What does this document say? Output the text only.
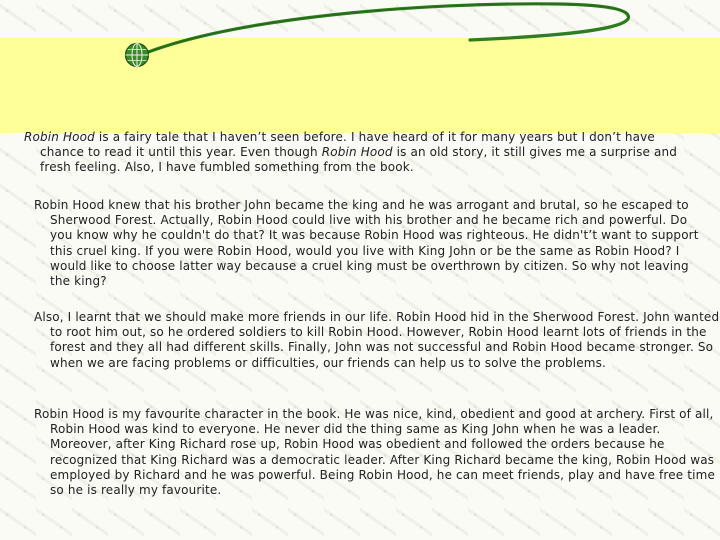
Robin Hood is a fairy tale that I haven’t seen before. I have heard of it for many years but I don’t have chance to read it until this year. Even though Robin Hood is an old story, it still gives me a surprise and fresh feeling. Also, I have fumbled something from the book.

Robin Hood knew that his brother John became the king and he was arrogant and brutal, so he escaped to Sherwood Forest. Actually, Robin Hood could live with his brother and he became rich and powerful. Do you know why he couldn't do that? It was because Robin Hood was righteous. He didn't’t want to support this cruel king. If you were Robin Hood, would you live with King John or be the same as Robin Hood? I would like to choose latter way because a cruel king must be overthrown by citizen. So why not leaving the king?

Also, I learnt that we should make more friends in our life. Robin Hood hid in the Sherwood Forest. John wanted to root him out, so he ordered soldiers to kill Robin Hood. However, Robin Hood learnt lots of friends in the forest and they all had different skills. Finally, John was not successful and Robin Hood became stronger. So when we are facing problems or difficulties, our friends can help us to solve the problems.

Robin Hood is my favourite character in the book. He was nice, kind, obedient and good at archery. First of all, Robin Hood was kind to everyone. He never did the thing same as King John when he was a leader. Moreover, after King Richard rose up, Robin Hood was obedient and followed the orders because he recognized that King Richard was a democratic leader. After King Richard became the king, Robin Hood was employed by Richard and he was powerful. Being Robin Hood, he can meet friends, play and have free time so he is really my favourite.
